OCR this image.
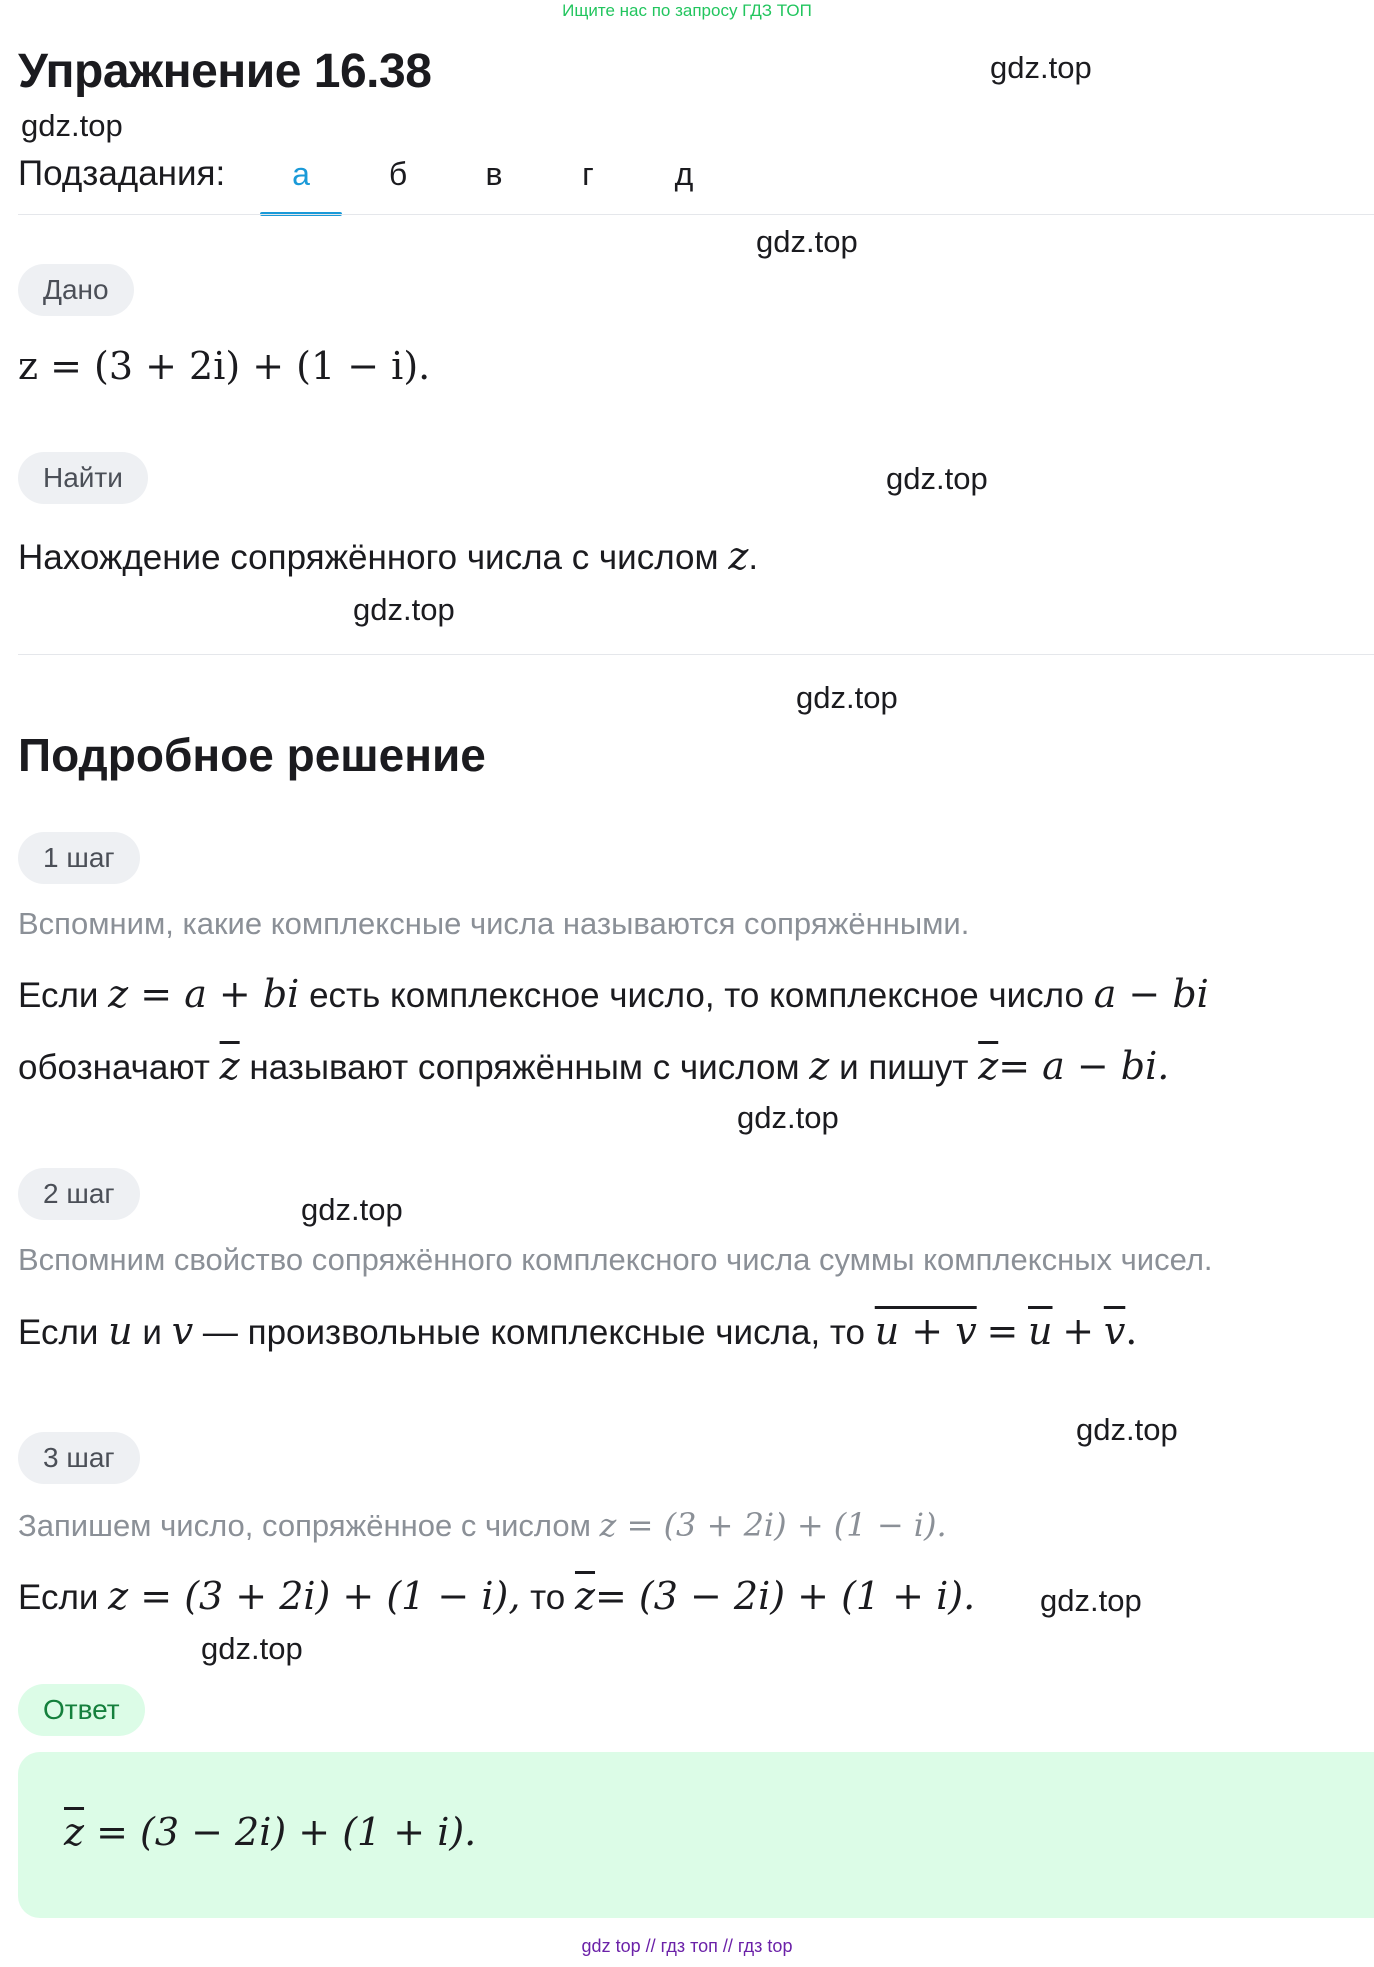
Ищите нас по запросу ГДЗ ТОП
Упражнение 16.38	gdz.top
gdz.top
gdz.top
gdz.top
gdz.top
gdz.top
gdz.top
gdz.top
gdz.top
gdz.top
gdz.top
Подзадания:	а	б	в	г	д
Дано
z = (3 + 2i) + (1 − i).
Найти
Нахождение сопряжённого числа с числом z.
Подробное решение
1 шаг
Вспомним, какие комплексные числа называются сопряжёнными.
Если z = a + bi есть комплексное число, то комплексное число a − bi
обозначают $\overline{z}$ называют сопряжённым с числом z и пишут $\overline{z}= a$ − bi.
2 шаг
Вспомним свойство сопряжённого комплексного числа суммы комплексных чисел.
Если u и v — произвольные комплексные числа, то $u + v = \overline{u} + \overline{v}$.
3 шаг
Запишем число, сопряжённое с числом z = (3 + 2i) + (1 − i).
Если z = (3 + 2i) + (1 − i), то $\overline{z}= (3 - 2i) + (1 + i)$.
Ответ
$\overline{z} = (3 - 2i) + (1 + i)$.
gdz top // гдз топ // гдз top
